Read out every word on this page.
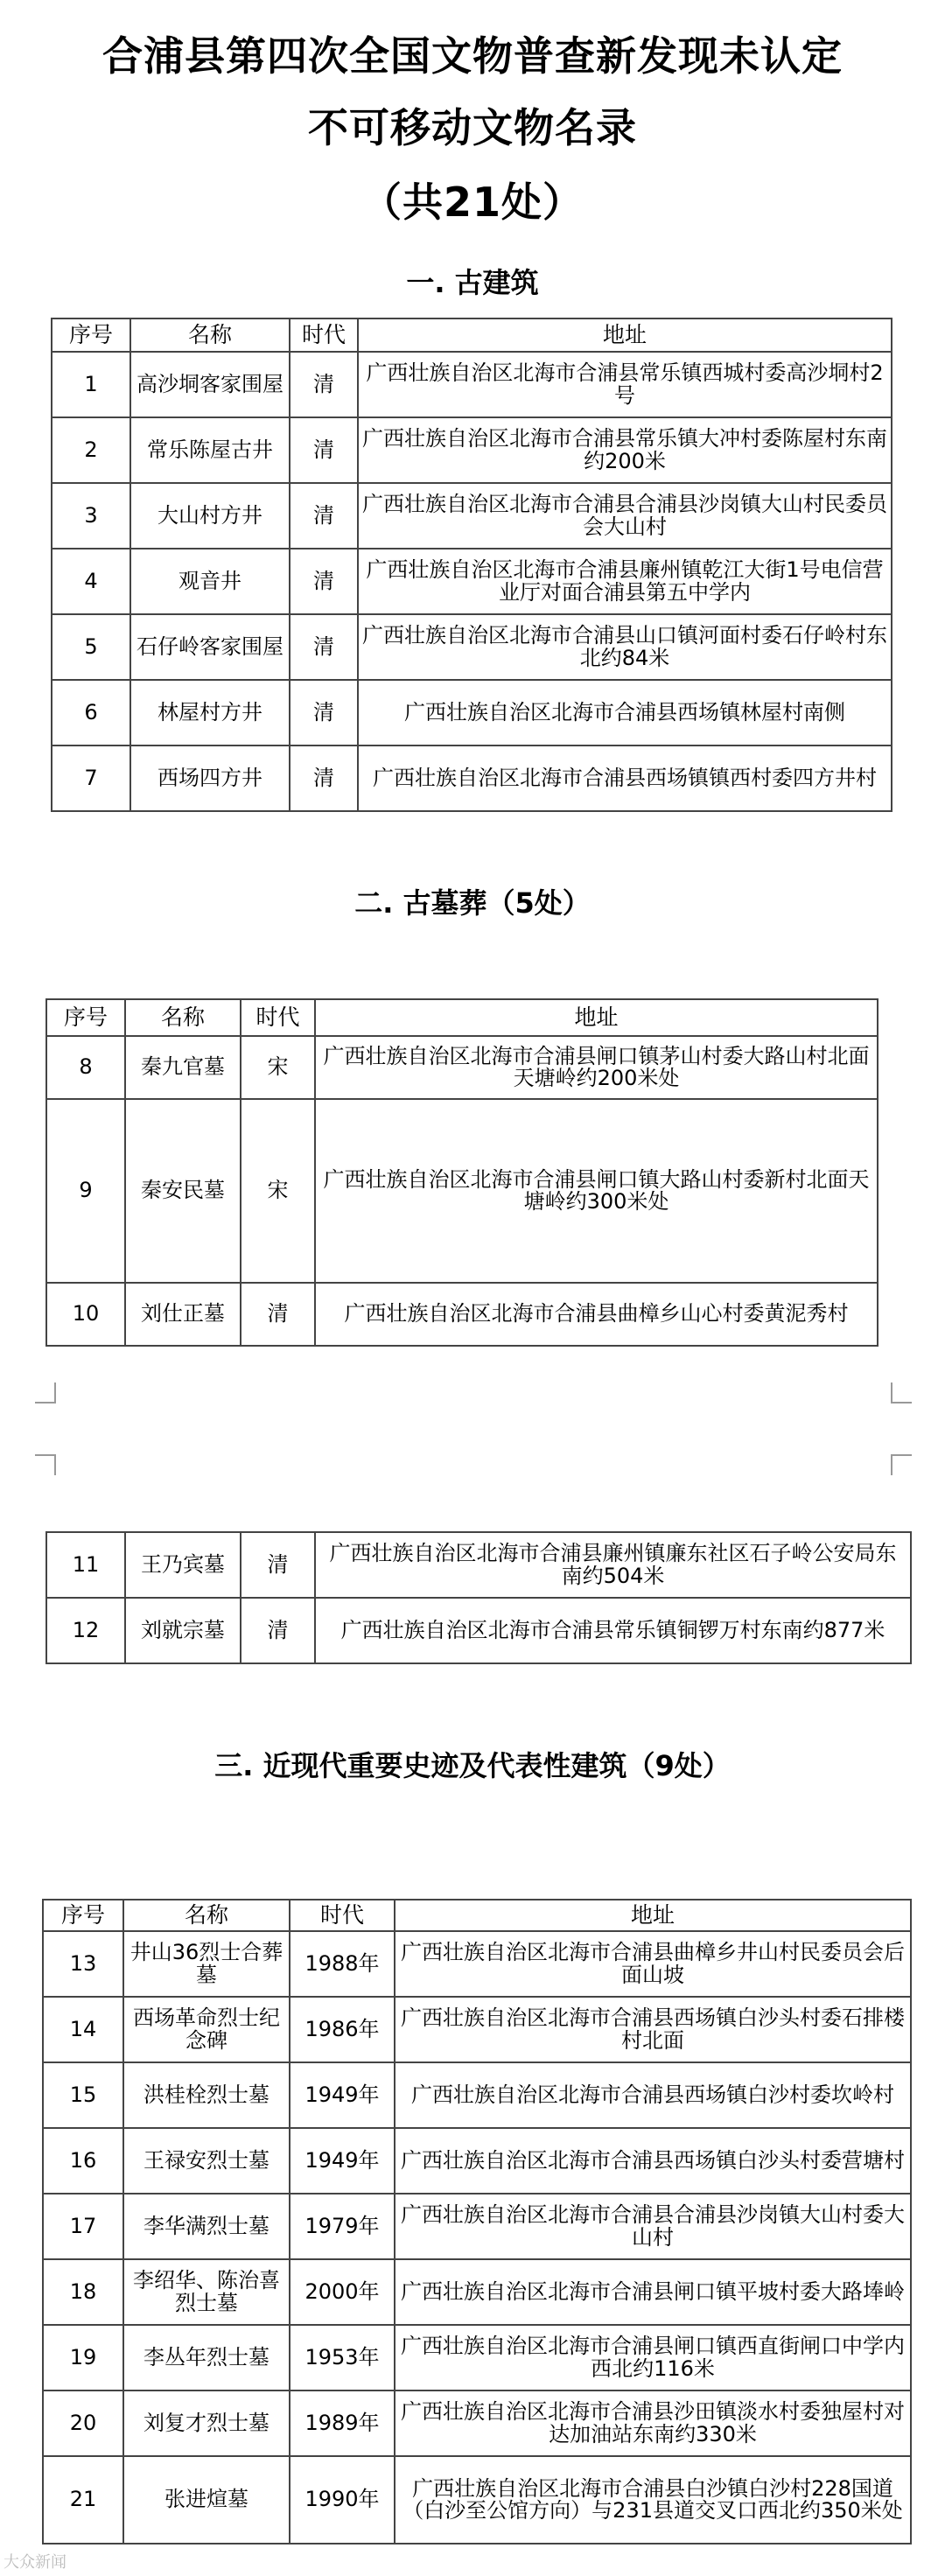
合浦县第四次全国文物普查新发现未认定
不可移动文物名录
（共21处）
一. 古建筑
序号	名称	时代	地址
1	高沙垌客家围屋	清	广西壮族自治区北海市合浦县常乐镇西城村委高沙垌村2号
2	常乐陈屋古井	清	广西壮族自治区北海市合浦县常乐镇大冲村委陈屋村东南约200米
3	大山村方井	清	广西壮族自治区北海市合浦县合浦县沙岗镇大山村民委员会大山村
4	观音井	清	广西壮族自治区北海市合浦县廉州镇乾江大街1号电信营业厅对面合浦县第五中学内
5	石仔岭客家围屋	清	广西壮族自治区北海市合浦县山口镇河面村委石仔岭村东北约84米
6	林屋村方井	清	广西壮族自治区北海市合浦县西场镇林屋村南侧
7	西场四方井	清	广西壮族自治区北海市合浦县西场镇镇西村委四方井村
二. 古墓葬（5处）
序号	名称	时代	地址
8	秦九官墓	宋	广西壮族自治区北海市合浦县闸口镇茅山村委大路山村北面天塘岭约200米处
9	秦安民墓	宋	广西壮族自治区北海市合浦县闸口镇大路山村委新村北面天塘岭约300米处
10	刘仕正墓	清	广西壮族自治区北海市合浦县曲樟乡山心村委黄泥秀村
11	王乃宾墓	清	广西壮族自治区北海市合浦县廉州镇廉东社区石子岭公安局东南约504米
12	刘就宗墓	清	广西壮族自治区北海市合浦县常乐镇铜锣万村东南约877米
三. 近现代重要史迹及代表性建筑（9处）
序号	名称	时代	地址
13	井山36烈士合葬墓	1988年	广西壮族自治区北海市合浦县曲樟乡井山村民委员会后面山坡
14	西场革命烈士纪念碑	1986年	广西壮族自治区北海市合浦县西场镇白沙头村委石排楼村北面
15	洪桂栓烈士墓	1949年	广西壮族自治区北海市合浦县西场镇白沙村委坎岭村
16	王禄安烈士墓	1949年	广西壮族自治区北海市合浦县西场镇白沙头村委营塘村
17	李华满烈士墓	1979年	广西壮族自治区北海市合浦县合浦县沙岗镇大山村委大山村
18	李绍华、陈治喜烈士墓	2000年	广西壮族自治区北海市合浦县闸口镇平坡村委大路埲岭
19	李丛年烈士墓	1953年	广西壮族自治区北海市合浦县闸口镇西直街闸口中学内西北约116米
20	刘复才烈士墓	1989年	广西壮族自治区北海市合浦县沙田镇淡水村委独屋村对达加油站东南约330米
21	张进煊墓	1990年	广西壮族自治区北海市合浦县白沙镇白沙村228国道（白沙至公馆方向）与231县道交叉口西北约350米处
大众新闻
